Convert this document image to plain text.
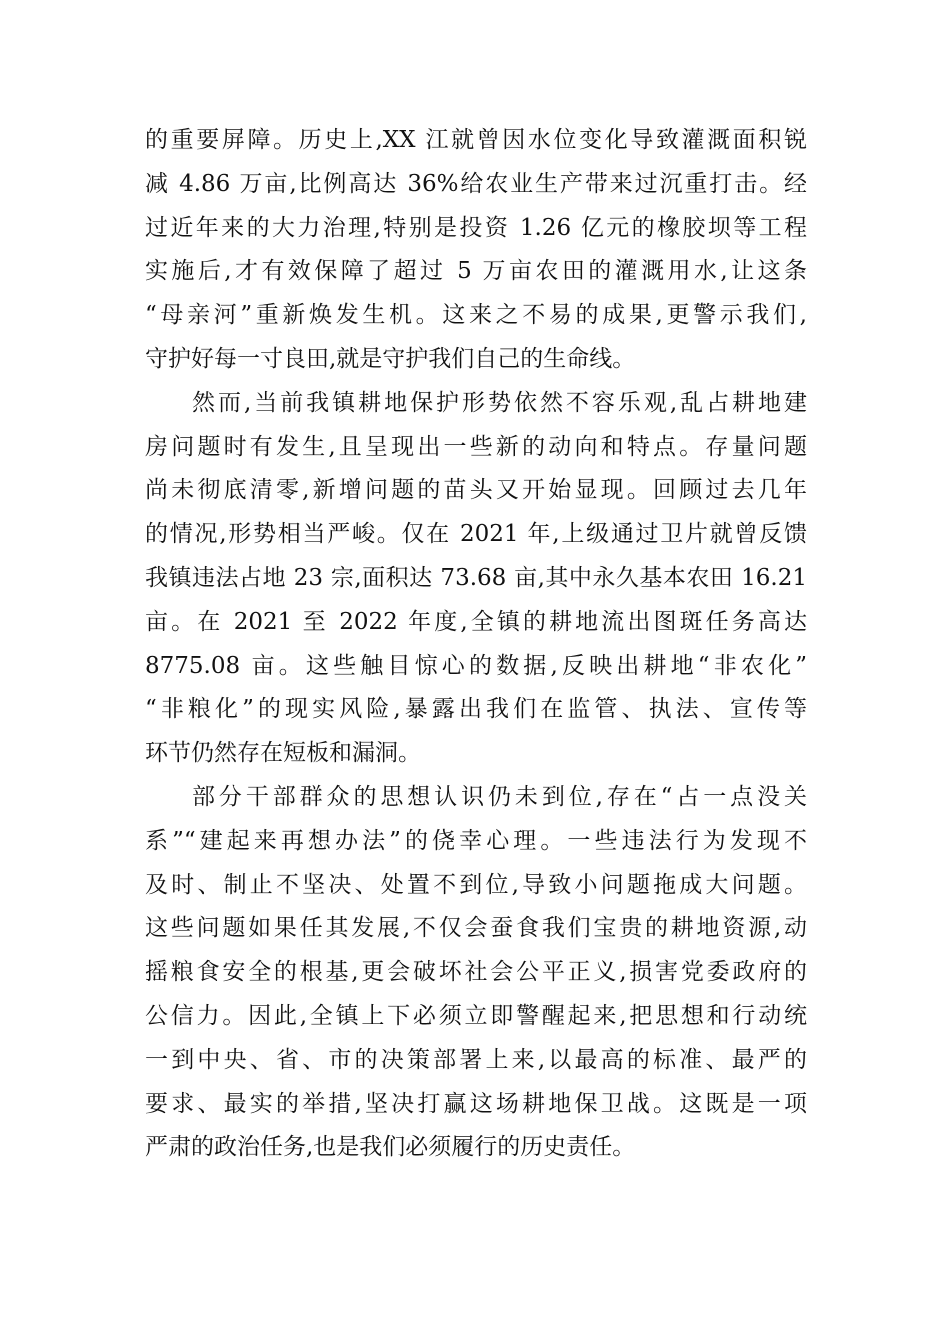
的重要屏障。历史上,XX 江就曾因水位变化导致灌溉面积锐
减 4.86 万亩,比例高达 36%给农业生产带来过沉重打击。经
过近年来的大力治理,特别是投资 1.26 亿元的橡胶坝等工程
实施后,才有效保障了超过 5 万亩农田的灌溉用水,让这条
“母亲河”重新焕发生机。这来之不易的成果,更警示我们,
守护好每一寸良田,就是守护我们自己的生命线。
然而,当前我镇耕地保护形势依然不容乐观,乱占耕地建
房问题时有发生,且呈现出一些新的动向和特点。存量问题
尚未彻底清零,新增问题的苗头又开始显现。回顾过去几年
的情况,形势相当严峻。仅在 2021 年,上级通过卫片就曾反馈
我镇违法占地 23 宗,面积达 73.68 亩,其中永久基本农田 16.21
亩。在 2021 至 2022 年度,全镇的耕地流出图斑任务高达
8775.08 亩。这些触目惊心的数据,反映出耕地“非农化”
“非粮化”的现实风险,暴露出我们在监管、执法、宣传等
环节仍然存在短板和漏洞。
部分干部群众的思想认识仍未到位,存在“占一点没关
系”“建起来再想办法”的侥幸心理。一些违法行为发现不
及时、制止不坚决、处置不到位,导致小问题拖成大问题。
这些问题如果任其发展,不仅会蚕食我们宝贵的耕地资源,动
摇粮食安全的根基,更会破坏社会公平正义,损害党委政府的
公信力。因此,全镇上下必须立即警醒起来,把思想和行动统
一到中央、省、市的决策部署上来,以最高的标准、最严的
要求、最实的举措,坚决打赢这场耕地保卫战。这既是一项
严肃的政治任务,也是我们必须履行的历史责任。
